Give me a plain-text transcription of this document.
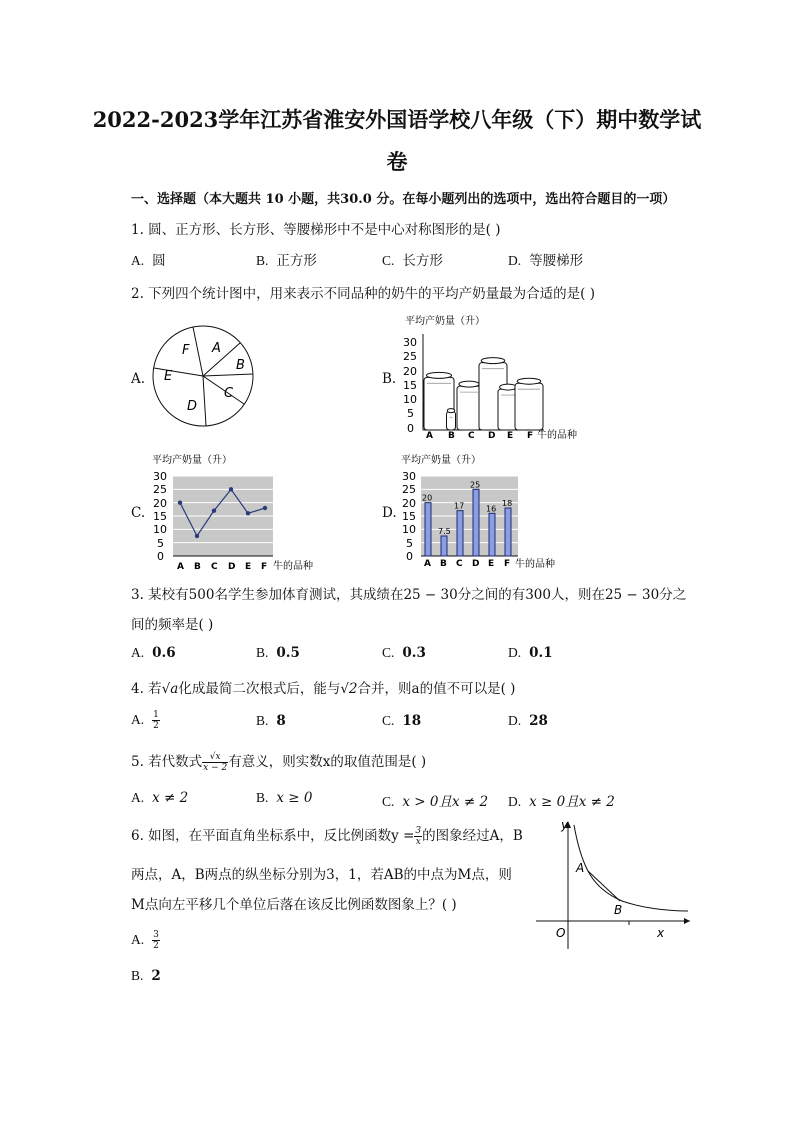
2022-2023学年江苏省淮安外国语学校八年级（下）期中数学试
卷
一、选择题（本大题共 10 小题，共30.0 分。在每小题列出的选项中，选出符合题目的一项）
1. 圆、正方形、长方形、等腰梯形中不是中心对称图形的是( )
A. 圆	B. 正方形	C. 长方形	D. 等腰梯形
2. 下列四个统计图中，用来表示不同品种的奶牛的平均产奶量最为合适的是( )
A.
F A
B
C
D
E	B.
平均产奶量（升）
30
25
20
15
10
5
0
A B C D E F 牛的品种
C.
平均产奶量（升）
30
25
20
15
10
5
0
A B C D E F 牛的品种
D.
平均产奶量（升）
30
25
20
15
10
5
0
20
7.5
17
25
16
18
A B C D E F 牛的品种
3. 某校有500名学生参加体育测试，其成绩在25 − 30分之间的有300人，则在25 − 30分之
间的频率是( )
A. 0.6	B. 0.5	C. 0.3	D. 0.1
4. 若√a化成最简二次根式后，能与√2合并，则a的值不可以是( )
A. $\frac{1}{2}$	B. 8	C. 18	D. 28
5. 若代数式 $\frac{√x}{x - 2}$ 有意义，则实数x的取值范围是( )
A. x ≠ 2	B. x ≥ 0	C. x > 0且x ≠ 2 D. x ≥ 0且x ≠ 2
6. 如图，在平面直角坐标系中，反比例函数$y = \frac{3}{x}$ 的图象经过A，B
两点，A，B两点的纵坐标分别为3，1，若AB的中点为M点，则
M点向左平移几个单位后落在该反比例函数图象上？( )
A. $\frac{3}{2}$
B. 2
y
A
B
O	x
